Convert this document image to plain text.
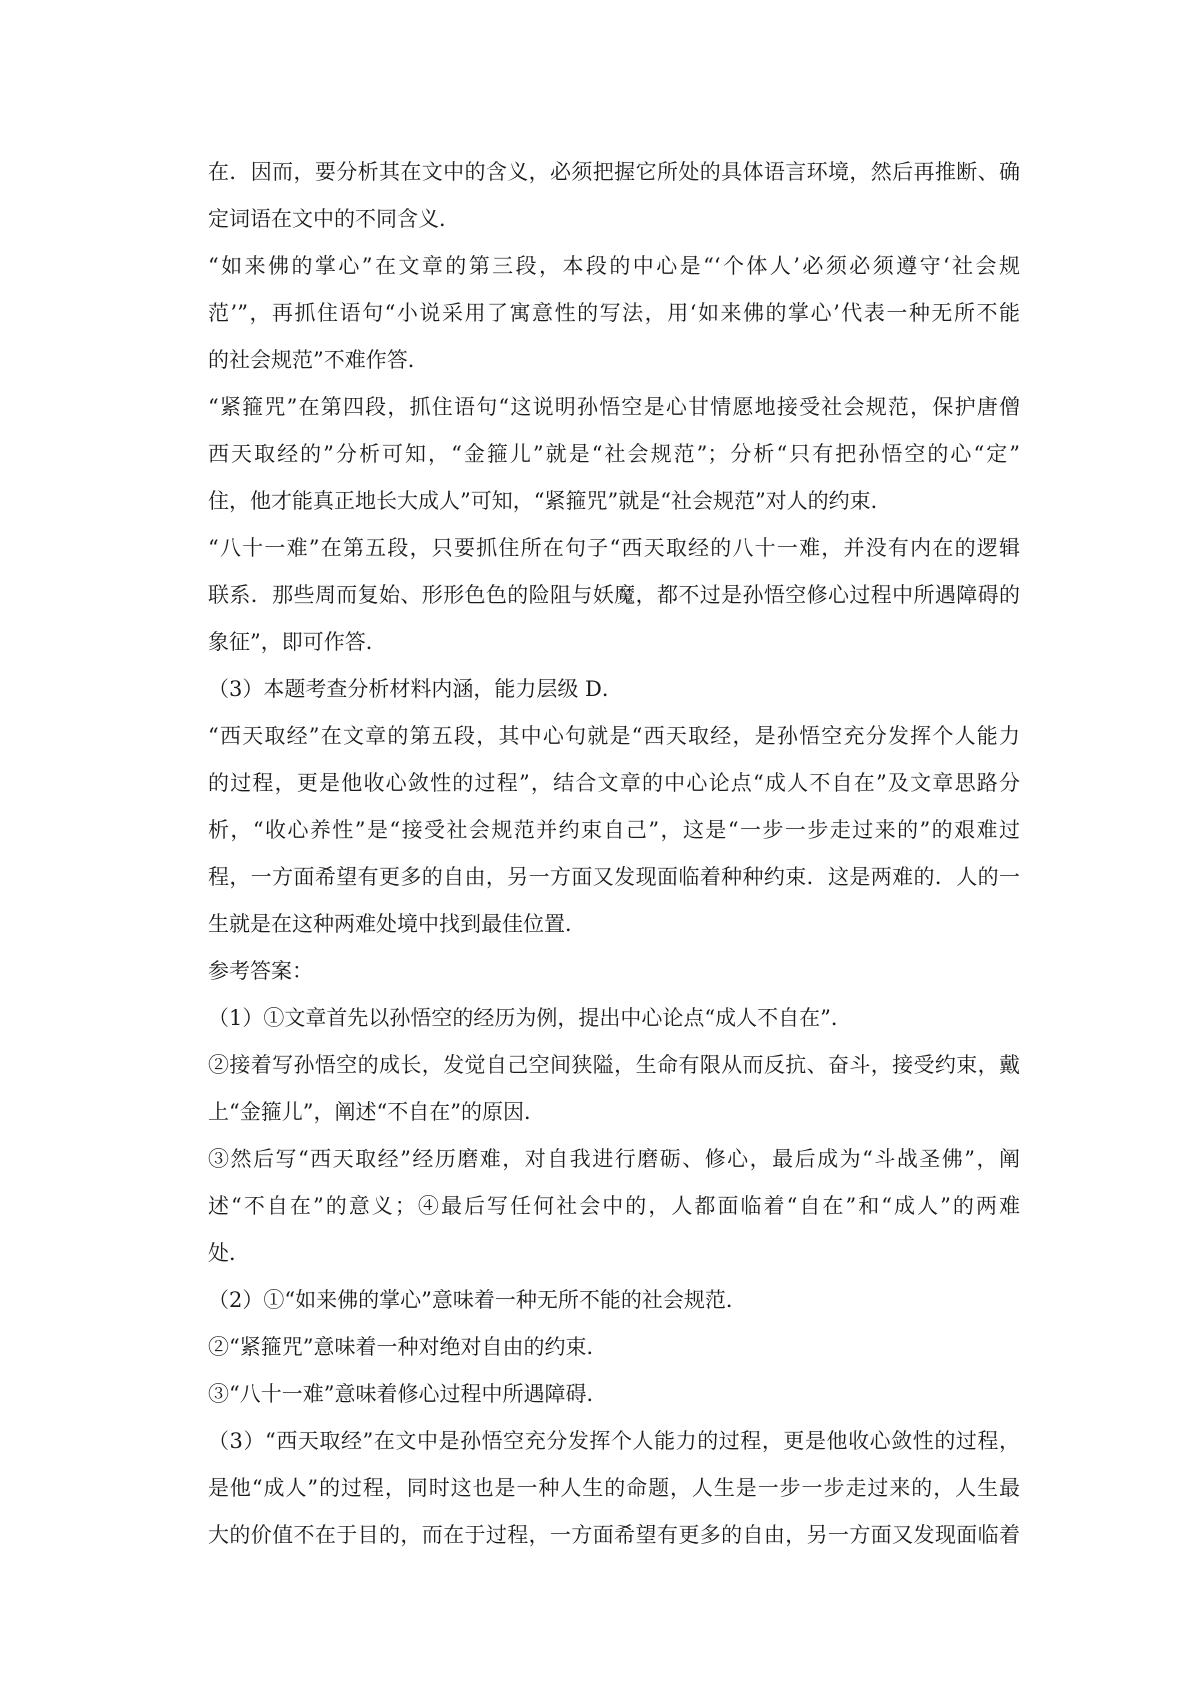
在．因而，要分析其在文中的含义，必须把握它所处的具体语言环境，然后再推断、确
定词语在文中的不同含义．
“如来佛的掌心”在文章的第三段，本段的中心是“‘个体人’必须必须遵守‘社会规
范’”，再抓住语句“小说采用了寓意性的写法，用‘如来佛的掌心’代表一种无所不能
的社会规范”不难作答．
“紧箍咒”在第四段，抓住语句“这说明孙悟空是心甘情愿地接受社会规范，保护唐僧
西天取经的”分析可知，“金箍儿”就是“社会规范”；分析“只有把孙悟空的心“定”
住，他才能真正地长大成人”可知，“紧箍咒”就是“社会规范”对人的约束．
“八十一难”在第五段，只要抓住所在句子“西天取经的八十一难，并没有内在的逻辑
联系．那些周而复始、形形色色的险阻与妖魔，都不过是孙悟空修心过程中所遇障碍的
象征”，即可作答．
（3）本题考查分析材料内涵，能力层级 D．
“西天取经”在文章的第五段，其中心句就是“西天取经，是孙悟空充分发挥个人能力
的过程，更是他收心敛性的过程”，结合文章的中心论点“成人不自在”及文章思路分
析，“收心养性”是“接受社会规范并约束自己”，这是“一步一步走过来的”的艰难过
程，一方面希望有更多的自由，另一方面又发现面临着种种约束．这是两难的．人的一
生就是在这种两难处境中找到最佳位置．
参考答案：
（1）①文章首先以孙悟空的经历为例，提出中心论点“成人不自在”．
②接着写孙悟空的成长，发觉自己空间狭隘，生命有限从而反抗、奋斗，接受约束，戴
上“金箍儿”，阐述“不自在”的原因．
③然后写“西天取经”经历磨难，对自我进行磨砺、修心，最后成为“斗战圣佛”，阐
述“不自在”的意义；④最后写任何社会中的，人都面临着“自在”和“成人”的两难
处．
（2）①“如来佛的掌心”意味着一种无所不能的社会规范．
②“紧箍咒”意味着一种对绝对自由的约束．
③“八十一难”意味着修心过程中所遇障碍．
（3）“西天取经”在文中是孙悟空充分发挥个人能力的过程，更是他收心敛性的过程，
是他“成人”的过程，同时这也是一种人生的命题，人生是一步一步走过来的，人生最
大的价值不在于目的，而在于过程，一方面希望有更多的自由，另一方面又发现面临着
